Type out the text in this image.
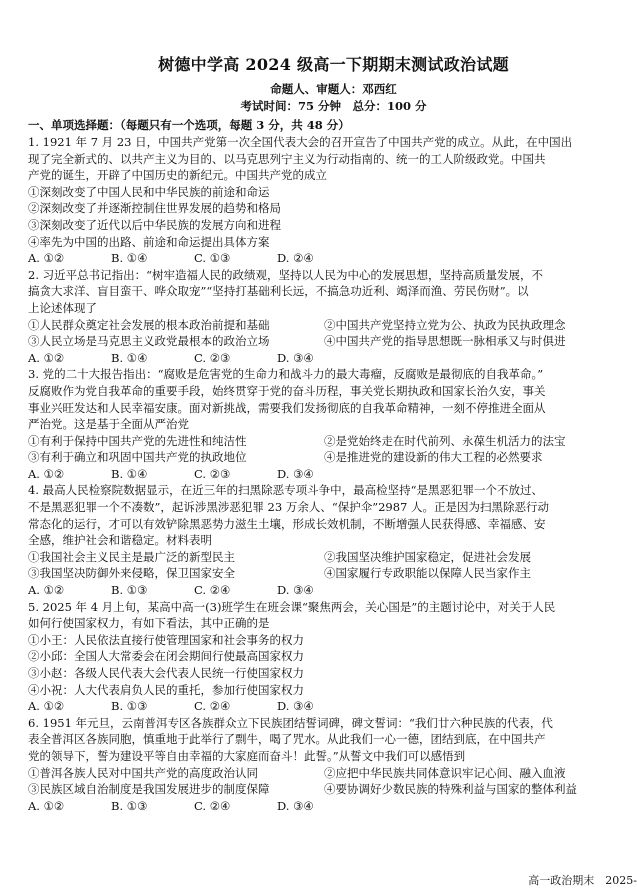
树德中学高 2024 级高一下期期末测试政治试题
命题人、审题人：邓西红
考试时间：75 分钟　总分：100 分
一、单项选择题：（每题只有一个选项，每题 3 分，共 48 分）
1. 1921 年 7 月 23 日，中国共产党第一次全国代表大会的召开宣告了中国共产党的成立。从此，在中国出
现了完全新式的、以共产主义为目的、以马克思列宁主义为行动指南的、统一的工人阶级政党。中国共
产党的诞生，开辟了中国历史的新纪元。中国共产党的成立
①深刻改变了中国人民和中华民族的前途和命运
②深刻改变了并逐渐控制住世界发展的趋势和格局
③深刻改变了近代以后中华民族的发展方向和进程
④率先为中国的出路、前途和命运提出具体方案
A. ①②	B. ①④	C. ①③	D. ②④
2. 习近平总书记指出：“树牢造福人民的政绩观，坚持以人民为中心的发展思想，坚持高质量发展，不
搞贪大求洋、盲目蛮干、哗众取宠”“坚持打基础利长远，不搞急功近利、竭泽而渔、劳民伤财”。以
上论述体现了
①人民群众奠定社会发展的根本政治前提和基础	②中国共产党坚持立党为公、执政为民执政理念
③人民立场是马克思主义政党最根本的政治立场	④中国共产党的指导思想既一脉相承又与时俱进
A. ①②	B. ①④	C. ②③	D. ③④
3. 党的二十大报告指出：“腐败是危害党的生命力和战斗力的最大毒瘤，反腐败是最彻底的自我革命。”
反腐败作为党自我革命的重要手段，始终贯穿于党的奋斗历程，事关党长期执政和国家长治久安，事关
事业兴旺发达和人民幸福安康。面对新挑战，需要我们发扬彻底的自我革命精神，一刻不停推进全面从
严治党。这是基于全面从严治党
①有利于保持中国共产党的先进性和纯洁性	②是党始终走在时代前列、永葆生机活力的法宝
③有利于确立和巩固中国共产党的执政地位	④是推进党的建设新的伟大工程的必然要求
A. ①②	B. ①④	C. ②③	D. ③④
4. 最高人民检察院数据显示，在近三年的扫黑除恶专项斗争中，最高检坚持“是黑恶犯罪一个不放过、
不是黑恶犯罪一个不凑数”，起诉涉黑涉恶犯罪 23 万余人、“保护伞”2987 人。正是因为扫黑除恶行动
常态化的运行，才可以有效铲除黑恶势力滋生土壤，形成长效机制，不断增强人民获得感、幸福感、安
全感，维护社会和谐稳定。材料表明
①我国社会主义民主是最广泛的新型民主	②我国坚决维护国家稳定，促进社会发展
③我国坚决防御外来侵略，保卫国家安全	④国家履行专政职能以保障人民当家作主
A. ①②	B. ①③	C. ②④	D. ③④
5. 2025 年 4 月上旬，某高中高一(3)班学生在班会课“聚焦两会，关心国是”的主题讨论中，对关于人民
如何行使国家权力，有如下看法，其中正确的是
①小王：人民依法直接行使管理国家和社会事务的权力
②小邱：全国人大常委会在闭会期间行使最高国家权力
③小赵：各级人民代表大会代表人民统一行使国家权力
④小祝：人大代表肩负人民的重托，参加行使国家权力
A. ①②	B. ①③	C. ②④	D. ③④
6. 1951 年元旦，云南普洱专区各族群众立下民族团结誓词碑，碑文誓词：“我们廿六种民族的代表，代
表全普洱区各族同胞，慎重地于此举行了剽牛，喝了咒水。从此我们一心一德，团结到底，在中国共产
党的领导下，誓为建设平等自由幸福的大家庭而奋斗！此誓。”从誓文中我们可以感悟到
①普洱各族人民对中国共产党的高度政治认同	②应把中华民族共同体意识牢记心间、融入血液
③民族区域自治制度是我国发展进步的制度保障	④要协调好少数民族的特殊利益与国家的整体利益
A. ①②	B. ①③	C. ②④	D. ③④
高一政治期末　2025-
